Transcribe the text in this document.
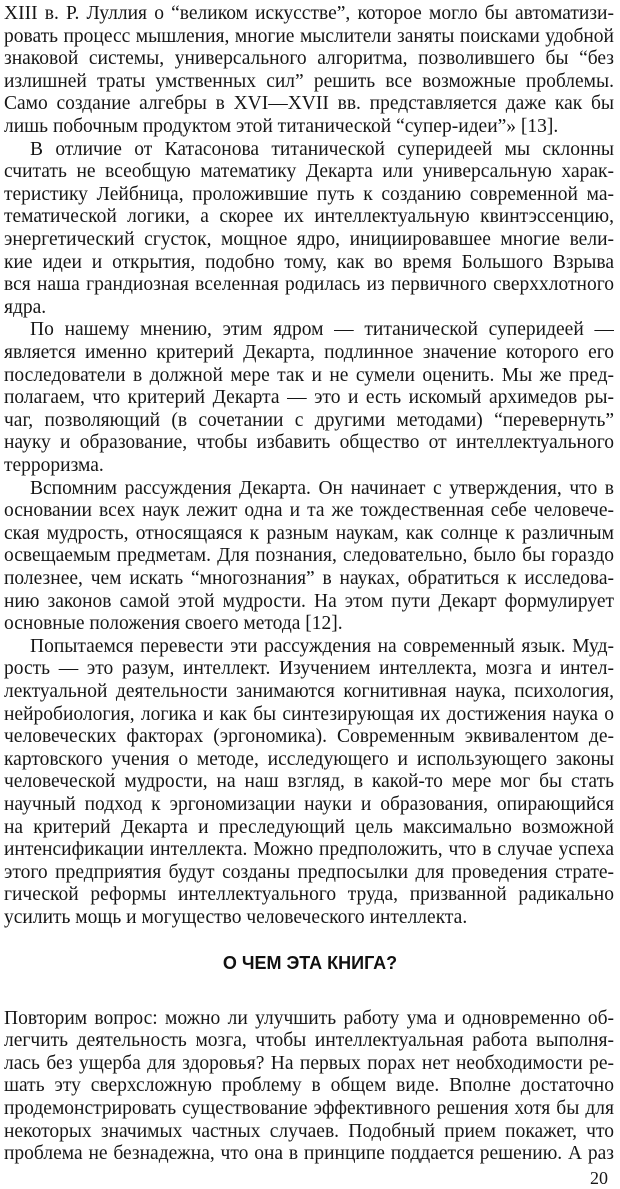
XIII в. Р. Луллия о “великом искусстве”, которое могло бы автоматизи-
ровать процесс мышления, многие мыслители заняты поисками удобной
знаковой системы, универсального алгоритма, позволившего бы “без
излишней траты умственных сил” решить все возможные проблемы.
Само создание алгебры в XVI—XVII вв. представляется даже как бы
лишь побочным продуктом этой титанической “супер-идеи”» [13].
В отличие от Катасонова титанической суперидеей мы склонны
считать не всеобщую математику Декарта или универсальную харак-
теристику Лейбница, проложившие путь к созданию современной ма-
тематической логики, а скорее их интеллектуальную квинтэссенцию,
энергетический сгусток, мощное ядро, инициировавшее многие вели-
кие идеи и открытия, подобно тому, как во время Большого Взрыва
вся наша грандиозная вселенная родилась из первичного сверххлотного
ядра.
По нашему мнению, этим ядром — титанической суперидеей —
является именно критерий Декарта, подлинное значение которого его
последователи в должной мере так и не сумели оценить. Мы же пред-
полагаем, что критерий Декарта — это и есть искомый архимедов ры-
чаг, позволяющий (в сочетании с другими методами) “перевернуть”
науку и образование, чтобы избавить общество от интеллектуального
терроризма.
Вспомним рассуждения Декарта. Он начинает с утверждения, что в
основании всех наук лежит одна и та же тождественная себе человече-
ская мудрость, относящаяся к разным наукам, как солнце к различным
освещаемым предметам. Для познания, следовательно, было бы гораздо
полезнее, чем искать “многознания” в науках, обратиться к исследова-
нию законов самой этой мудрости. На этом пути Декарт формулирует
основные положения своего метода [12].
Попытаемся перевести эти рассуждения на современный язык. Муд-
рость — это разум, интеллект. Изучением интеллекта, мозга и интел-
лектуальной деятельности занимаются когнитивная наука, психология,
нейробиология, логика и как бы синтезирующая их достижения наука о
человеческих факторах (эргономика). Современным эквивалентом де-
картовского учения о методе, исследующего и использующего законы
человеческой мудрости, на наш взгляд, в какой-то мере мог бы стать
научный подход к эргономизации науки и образования, опирающийся
на критерий Декарта и преследующий цель максимально возможной
интенсификации интеллекта. Можно предположить, что в случае успеха
этого предприятия будут созданы предпосылки для проведения страте-
гической реформы интеллектуального труда, призванной радикально
усилить мощь и могущество человеческого интеллекта.
О ЧЕМ ЭТА КНИГА?
Повторим вопрос: можно ли улучшить работу ума и одновременно об-
легчить деятельность мозга, чтобы интеллектуальная работа выполня-
лась без ущерба для здоровья? На первых порах нет необходимости ре-
шать эту сверхсложную проблему в общем виде. Вполне достаточно
продемонстрировать существование эффективного решения хотя бы для
некоторых значимых частных случаев. Подобный прием покажет, что
проблема не безнадежна, что она в принципе поддается решению. А раз
20
